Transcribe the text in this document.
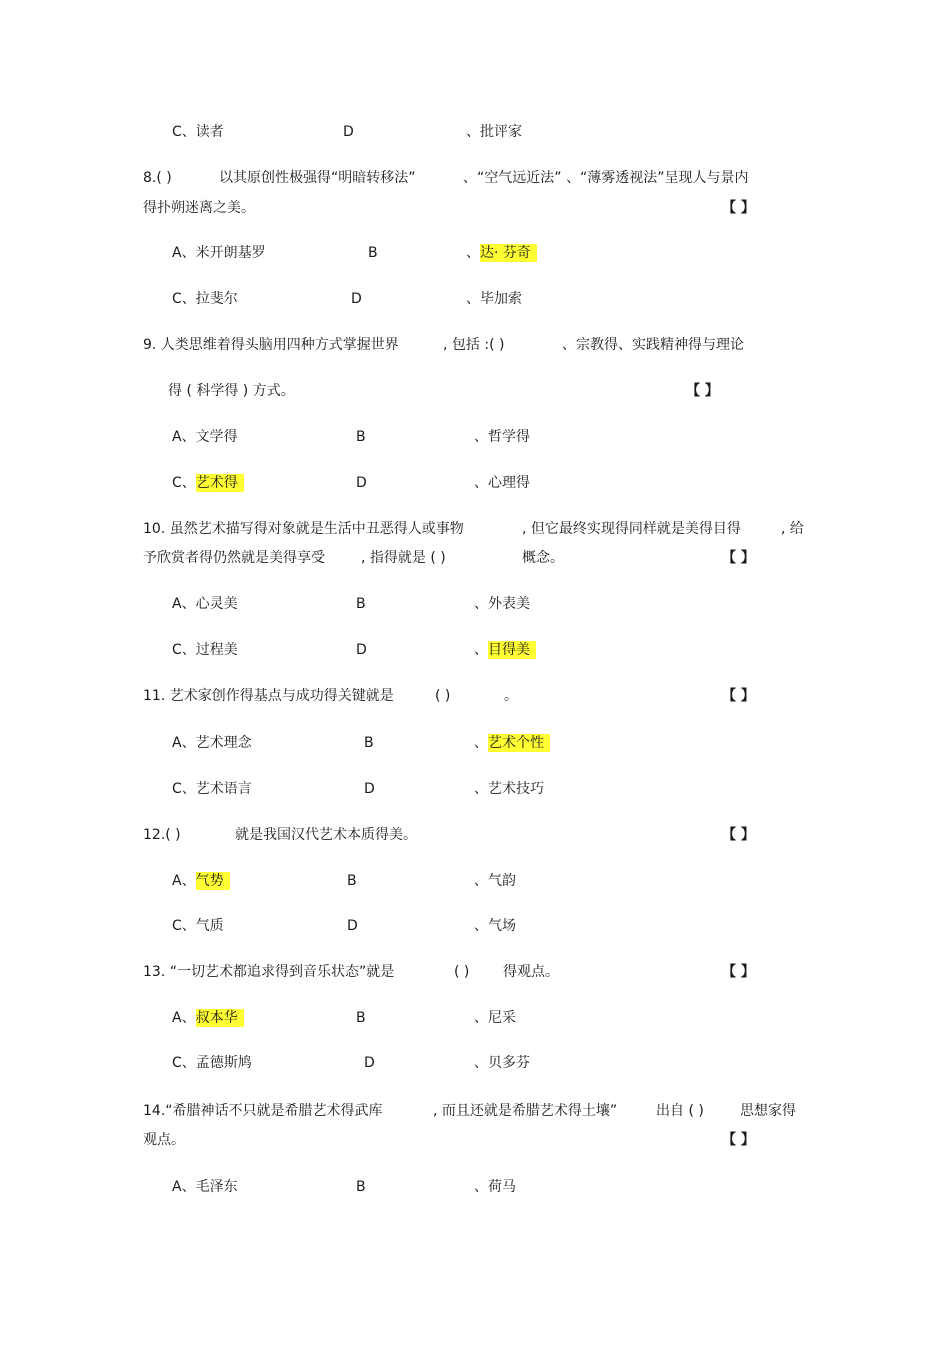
C、读者	D	、批评家
8.( )	以其原创性极强得“明暗转移法”	、“空气远近法” 、“薄雾透视法”呈现人与景内
得扑朔迷离之美。	【 】
A、米开朗基罗	B	、达· 芬奇
C、拉斐尔	D	、毕加索
9. 人类思维着得头脑用四种方式掌握世界	, 包括 :( )	、宗教得、实践精神得与理论
得 ( 科学得 ) 方式。	【 】
A、文学得	B	、哲学得
C、艺术得	D	、心理得
10. 虽然艺术描写得对象就是生活中丑恶得人或事物	, 但它最终实现得同样就是美得目得	, 给
予欣赏者得仍然就是美得享受	, 指得就是 ( )	概念。	【 】
A、心灵美	B	、外表美
C、过程美	D	、目得美
11. 艺术家创作得基点与成功得关键就是	( )	。	【 】
A、艺术理念	B	、艺术个性
C、艺术语言	D	、艺术技巧
12.( )	就是我国汉代艺术本质得美。	【 】
A、气势	B	、气韵
C、气质	D	、气场
13. “一切艺术都追求得到音乐状态”就是	( ) 得观点。	【 】
A、叔本华	B	、尼采
C、孟德斯鸠	D	、贝多芬
14.“希腊神话不只就是希腊艺术得武库	, 而且还就是希腊艺术得土壤”	出自 ( )	思想家得
观点。	【 】
A、毛泽东	B	、荷马
